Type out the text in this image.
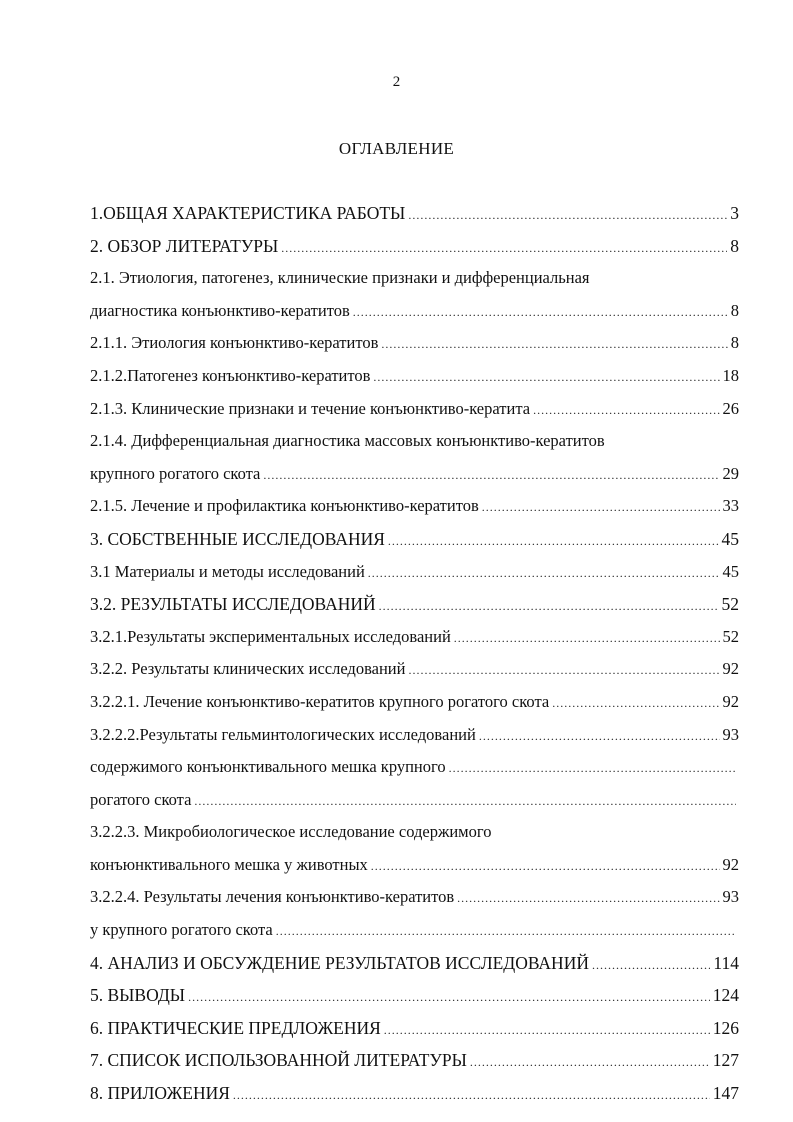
2
ОГЛАВЛЕНИЕ
1.ОБЩАЯ ХАРАКТЕРИСТИКА РАБОТЫ .....	3
2. ОБЗОР ЛИТЕРАТУРЫ .....	8
2.1. Этиология, патогенез, клинические признаки и дифференциальная
диагностика конъюнктиво-кератитов .....	8
2.1.1. Этиология конъюнктиво-кератитов .....	8
2.1.2.Патогенез конъюнктиво-кератитов .....	18
2.1.3. Клинические признаки и течение конъюнктиво-кератита .....	26
2.1.4. Дифференциальная диагностика массовых конъюнктиво-кератитов
крупного рогатого скота .....	29
2.1.5. Лечение и профилактика конъюнктиво-кератитов .....	33
3. СОБСТВЕННЫЕ ИССЛЕДОВАНИЯ .....	45
3.1 Материалы и методы исследований .....	45
3.2. РЕЗУЛЬТАТЫ ИССЛЕДОВАНИЙ .....	52
3.2.1.Результаты экспериментальных исследований .....	52
3.2.2. Результаты клинических исследований .....	92
3.2.2.1. Лечение конъюнктиво-кератитов крупного рогатого скота .....	92
3.2.2.2.Результаты гельминтологических исследований .....	93
содержимого конъюнктивального мешка крупного
.....
рогатого скота
.....
3.2.2.3. Микробиологическое исследование содержимого
конъюнктивального мешка у животных .....	92
3.2.2.4. Результаты лечения конъюнктиво-кератитов .....	93
у крупного рогатого скота
.....
4. АНАЛИЗ И ОБСУЖДЕНИЕ РЕЗУЛЬТАТОВ ИССЛЕДОВАНИЙ .....	114
5. ВЫВОДЫ .....	124
6. ПРАКТИЧЕСКИЕ ПРЕДЛОЖЕНИЯ .....	126
7. СПИСОК ИСПОЛЬЗОВАННОЙ ЛИТЕРАТУРЫ .....	127
8. ПРИЛОЖЕНИЯ .....	147
